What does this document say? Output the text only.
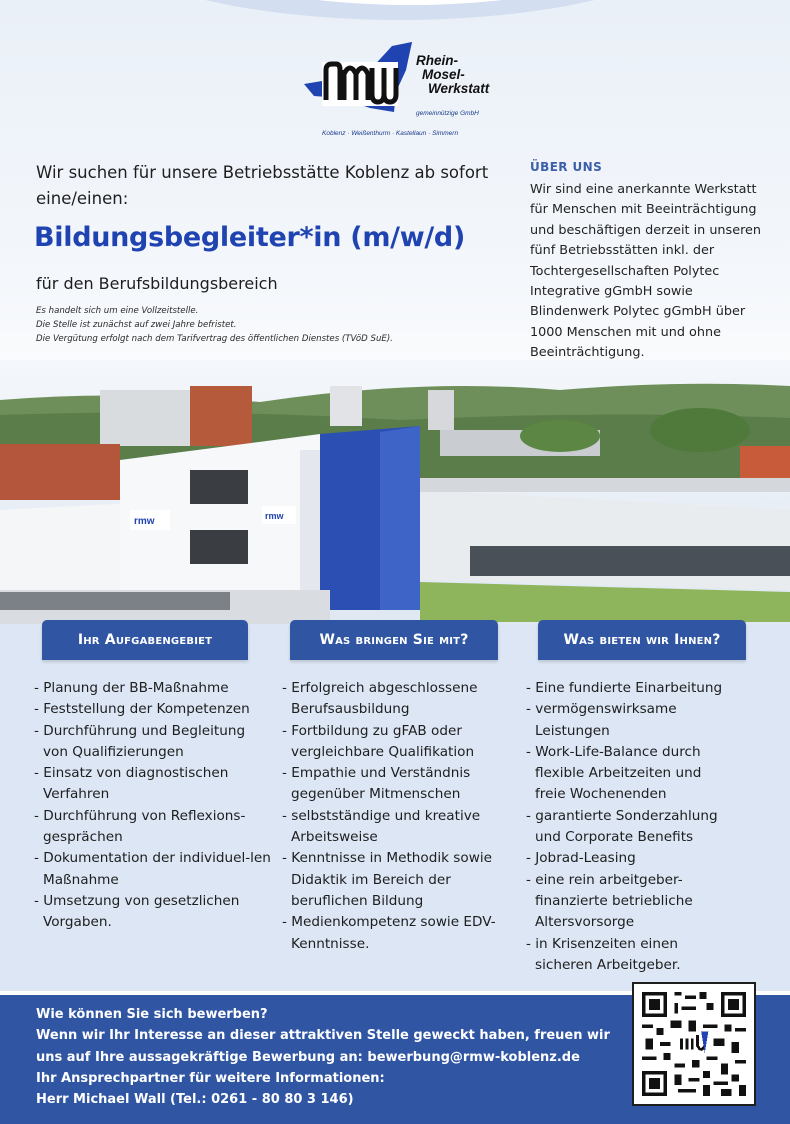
Rhein-
Mosel-
Werkstatt
gemeinnützige GmbH
Koblenz · Weißenthurm · Kastellaun · Simmern
Wir suchen für unsere Betriebsstätte Koblenz ab sofort eine/einen:
Bildungsbegleiter*in (m/w/d)
für den Berufsbildungsbereich
Es handelt sich um eine Vollzeitstelle.
Die Stelle ist zunächst auf zwei Jahre befristet.
Die Vergütung erfolgt nach dem Tarifvertrag des öffentlichen Dienstes (TVöD SuE).
ÜBER UNS
Wir sind eine anerkannte Werkstatt für Menschen mit Beeinträchtigung und beschäftigen derzeit in unseren fünf Betriebsstätten inkl. der Tochtergesellschaften Polytec Integrative gGmbH sowie Blindenwerk Polytec gGmbH über 1000 Menschen mit und ohne Beeinträchtigung.
rmw	rmw
Ihr Aufgabengebiet	Was bringen Sie mit?	Was bieten wir Ihnen?
- Planung der BB-Maßnahme
- Feststellung der Kompetenzen
- Durchführung und Begleitung von Qualifizierungen
- Einsatz von diagnostischen Verfahren
- Durchführung von Reflexions-gesprächen
- Dokumentation der individuel-len Maßnahme
- Umsetzung von gesetzlichen Vorgaben.
- Erfolgreich abgeschlossene Berufsausbildung
- Fortbildung zu gFAB oder vergleichbare Qualifikation
- Empathie und Verständnis gegenüber Mitmenschen
- selbstständige und kreative Arbeitsweise
- Kenntnisse in Methodik sowie Didaktik im Bereich der beruflichen Bildung
- Medienkompetenz sowie EDV-Kenntnisse.
- Eine fundierte Einarbeitung
- vermögenswirksame Leistungen
- Work-Life-Balance durch flexible Arbeitzeiten und freie Wochenenden
- garantierte Sonderzahlung und Corporate Benefits
- Jobrad-Leasing
- eine rein arbeitgeber-finanzierte betriebliche Altersvorsorge
- in Krisenzeiten einen sicheren Arbeitgeber.
Wie können Sie sich bewerben?
Wenn wir Ihr Interesse an dieser attraktiven Stelle geweckt haben, freuen wir uns auf Ihre aussagekräftige Bewerbung an: bewerbung@rmw-koblenz.de
Ihr Ansprechpartner für weitere Informationen:
Herr Michael Wall (Tel.: 0261 - 80 80 3 146)
